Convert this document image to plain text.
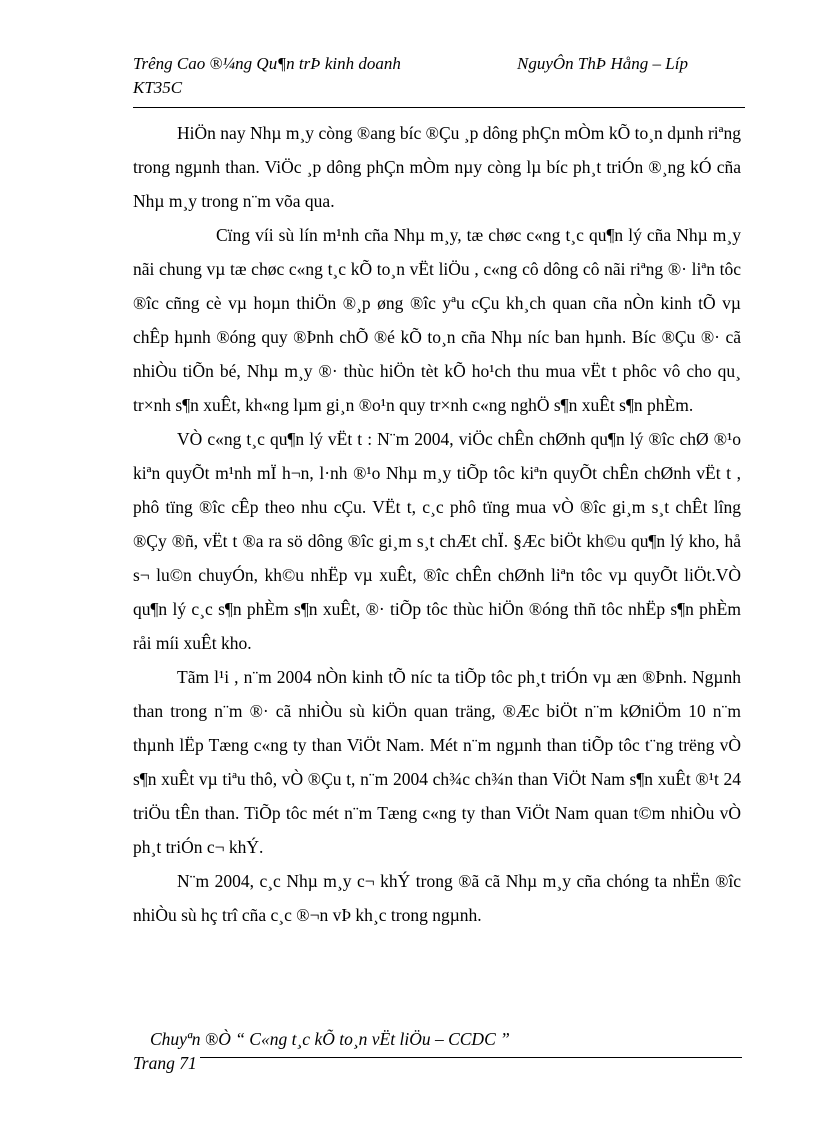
Trêng Cao ®¼ng Qu¶n trÞ kinh doanh	NguyÔn ThÞ Hång – Líp
KT35C

HiÖn nay Nhµ m¸y còng ®ang bíc ®Çu ¸p dông phÇn mÒm kÕ to¸n dµnh riªng trong ngµnh than. ViÖc ¸p dông phÇn mÒm nµy còng lµ bíc ph¸t triÓn ®¸ng kÓ cña Nhµ m¸y trong n¨m võa qua.

Cïng víi sù lín m¹nh cña Nhµ m¸y, tæ chøc c«ng t¸c qu¶n lý cña Nhµ m¸y nãi chung vµ tæ chøc c«ng t¸c kÕ to¸n vËt liÖu , c«ng cô dông cô nãi riªng ®· liªn tôc ®îc cñng cè vµ hoµn thiÖn ®¸p øng ®îc yªu cÇu kh¸ch quan cña nÒn kinh tÕ vµ chÊp hµnh ®óng quy ®Þnh chÕ ®é kÕ to¸n cña Nhµ níc ban hµnh. Bíc ®Çu ®· cã nhiÒu tiÕn bé, Nhµ m¸y ®· thùc hiÖn tèt kÕ ho¹ch thu mua vËt t phôc vô cho qu¸ tr×nh s¶n xuÊt, kh«ng lµm gi¸n ®o¹n quy tr×nh c«ng nghÖ s¶n xuÊt s¶n phÈm.

VÒ c«ng t¸c qu¶n lý vËt t : N¨m 2004, viÖc chÊn chØnh qu¶n lý ®îc chØ ®¹o kiªn quyÕt m¹nh mÏ h¬n, l·nh ®¹o Nhµ m¸y tiÕp tôc kiªn quyÕt chÊn chØnh vËt t , phô tïng ®îc cÊp theo nhu cÇu. VËt t, c¸c phô tïng mua vÒ ®îc gi¸m s¸t chÊt lîng ®Çy ®ñ, vËt t ®a ra sö dông ®îc gi¸m s¸t chÆt chÏ. §Æc biÖt kh©u qu¶n lý kho, hå s¬ lu©n chuyÓn, kh©u nhËp vµ xuÊt, ®îc chÊn chØnh liªn tôc vµ quyÕt liÖt.VÒ qu¶n lý c¸c s¶n phÈm s¶n xuÊt, ®· tiÕp tôc thùc hiÖn ®óng thñ tôc nhËp s¶n phÈm råi míi xuÊt kho.

Tãm l¹i , n¨m 2004 nÒn kinh tÕ níc ta tiÕp tôc ph¸t triÓn vµ æn ®Þnh. Ngµnh than trong n¨m ®· cã nhiÒu sù kiÖn quan träng, ®Æc biÖt n¨m kØniÖm 10 n¨m thµnh lËp Tæng c«ng ty than ViÖt Nam. Mét n¨m ngµnh than tiÕp tôc t¨ng trëng vÒ s¶n xuÊt vµ tiªu thô, vÒ ®Çu t, n¨m 2004 ch¾c ch¾n than ViÖt Nam s¶n xuÊt ®¹t 24 triÖu tÊn than. TiÕp tôc mét n¨m Tæng c«ng ty than ViÖt Nam quan t©m nhiÒu vÒ ph¸t triÓn c¬ khÝ.

N¨m 2004, c¸c Nhµ m¸y c¬ khÝ trong ®ã cã Nhµ m¸y cña chóng ta nhËn ®îc nhiÒu sù hç trî cña c¸c ®¬n vÞ kh¸c trong ngµnh.

Chuyªn ®Ò “ C«ng t¸c kÕ to¸n vËt liÖu – CCDC ”
Trang 71
